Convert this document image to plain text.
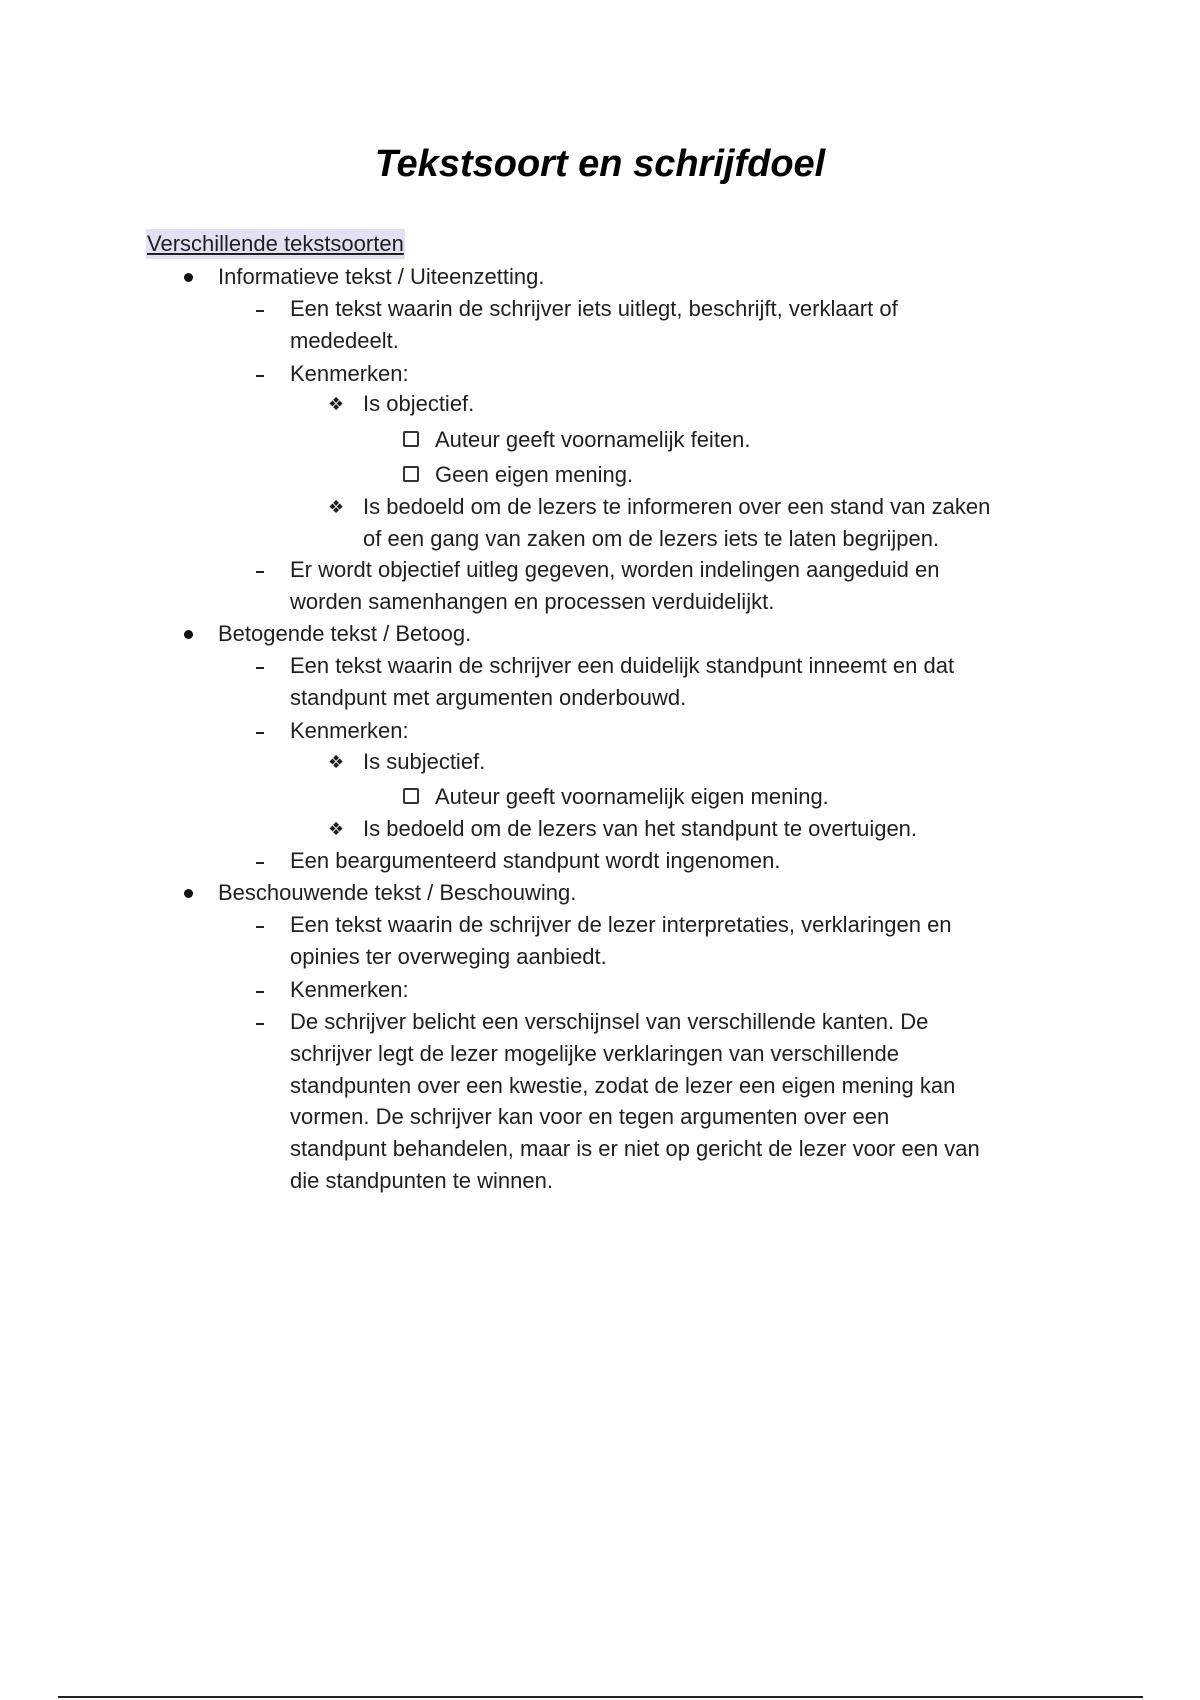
Tekstsoort en schrijfdoel
Verschillende tekstsoorten
Informatieve tekst / Uiteenzetting.
Een tekst waarin de schrijver iets uitlegt, beschrijft, verklaart of
mededeelt.
Kenmerken:
❖ Is objectief.
Auteur geeft voornamelijk feiten.
Geen eigen mening.
❖ Is bedoeld om de lezers te informeren over een stand van zaken
of een gang van zaken om de lezers iets te laten begrijpen.
Er wordt objectief uitleg gegeven, worden indelingen aangeduid en
worden samenhangen en processen verduidelijkt.
Betogende tekst / Betoog.
Een tekst waarin de schrijver een duidelijk standpunt inneemt en dat
standpunt met argumenten onderbouwd.
Kenmerken:
❖ Is subjectief.
Auteur geeft voornamelijk eigen mening.
❖ Is bedoeld om de lezers van het standpunt te overtuigen.
Een beargumenteerd standpunt wordt ingenomen.
Beschouwende tekst / Beschouwing.
Een tekst waarin de schrijver de lezer interpretaties, verklaringen en
opinies ter overweging aanbiedt.
Kenmerken:
De schrijver belicht een verschijnsel van verschillende kanten. De
schrijver legt de lezer mogelijke verklaringen van verschillende
standpunten over een kwestie, zodat de lezer een eigen mening kan
vormen. De schrijver kan voor en tegen argumenten over een
standpunt behandelen, maar is er niet op gericht de lezer voor een van
die standpunten te winnen.
